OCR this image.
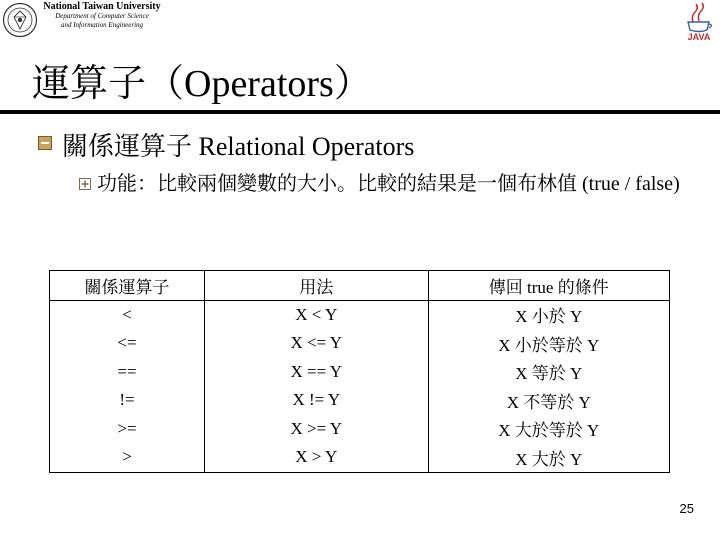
National Taiwan University
Department of Computer Science
and Information Engineering
JAVA
運算子（Operators）
關係運算子 Relational Operators
功能：比較兩個變數的大小。比較的結果是一個布林值 (true / false)
關係運算子	用法	傳回 true 的條件
<	X < Y	X 小於 Y
<=	X <= Y	X 小於等於 Y
==	X == Y	X 等於 Y
!=	X != Y	X 不等於 Y
>=	X >= Y	X 大於等於 Y
>	X > Y	X 大於 Y
25
